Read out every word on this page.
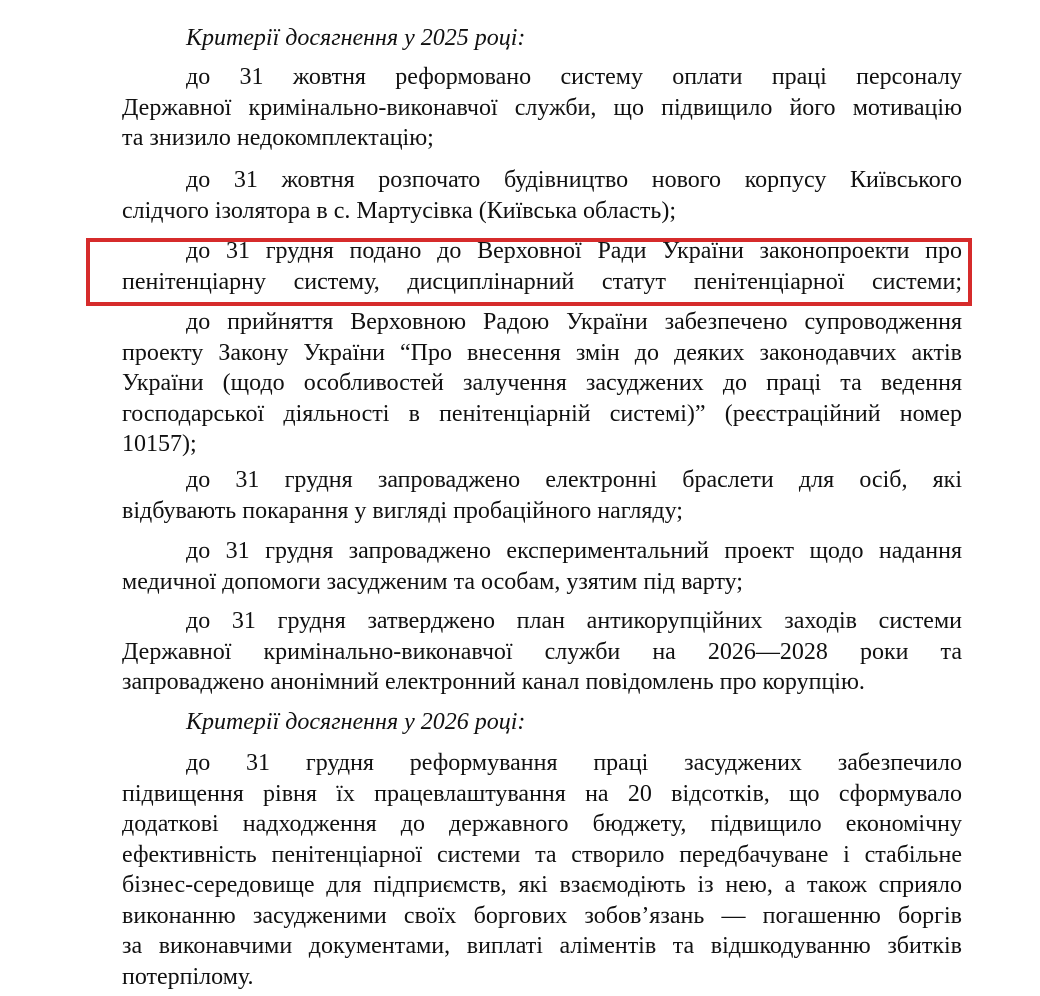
Критерії досягнення у 2025 році:
до 31 жовтня реформовано систему оплати праці персоналу
Державної кримінально-виконавчої служби, що підвищило його мотивацію
та знизило недокомплектацію;
до 31 жовтня розпочато будівництво нового корпусу Київського
слідчого ізолятора в с. Мартусівка (Київська область);
до 31 грудня подано до Верховної Ради України законопроекти про
пенітенціарну систему, дисциплінарний статут пенітенціарної системи;
до прийняття Верховною Радою України забезпечено супроводження
проекту Закону України “Про внесення змін до деяких законодавчих актів
України (щодо особливостей залучення засуджених до праці та ведення
господарської діяльності в пенітенціарній системі)” (реєстраційний номер
10157);
до 31 грудня запроваджено електронні браслети для осіб, які
відбувають покарання у вигляді пробаційного нагляду;
до 31 грудня запроваджено експериментальний проект щодо надання
медичної допомоги засудженим та особам, узятим під варту;
до 31 грудня затверджено план антикорупційних заходів системи
Державної кримінально-виконавчої служби на 2026—2028 роки та
запроваджено анонімний електронний канал повідомлень про корупцію.
Критерії досягнення у 2026 році:
до 31 грудня реформування праці засуджених забезпечило
підвищення рівня їх працевлаштування на 20 відсотків, що сформувало
додаткові надходження до державного бюджету, підвищило економічну
ефективність пенітенціарної системи та створило передбачуване і стабільне
бізнес-середовище для підприємств, які взаємодіють із нею, а також сприяло
виконанню засудженими своїх боргових зобов’язань — погашенню боргів
за виконавчими документами, виплаті аліментів та відшкодуванню збитків
потерпілому.
